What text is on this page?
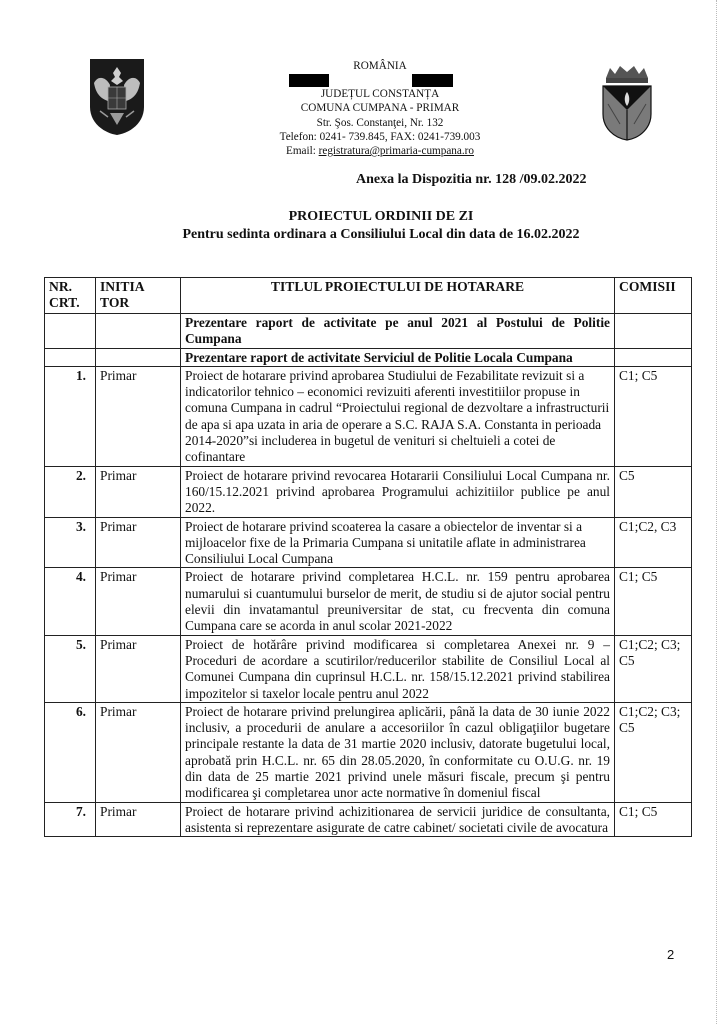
ROMÂNIA
JUDEȚUL CONSTANȚA
COMUNA CUMPANA - PRIMAR
Str. Şos. Constanţei, Nr. 132
Telefon: 0241- 739.845, FAX: 0241-739.003
Email: registratura@primaria-cumpana.ro
Anexa la Dispozitia nr. 128 /09.02.2022
PROIECTUL ORDINII DE ZI
Pentru sedinta ordinara a Consiliului Local din data de 16.02.2022
NR. CRT.	INITIA TOR	TITLUL PROIECTULUI DE HOTARARE	COMISII
		Prezentare raport de activitate pe anul 2021 al Postului de Politie Cumpana	
		Prezentare raport de activitate Serviciul de Politie Locala Cumpana	
1.	Primar	Proiect de hotarare privind aprobarea Studiului de Fezabilitate revizuit si a indicatorilor tehnico – economici revizuiti aferenti investitiilor propuse in comuna Cumpana in cadrul “Proiectului regional de dezvoltare a infrastructurii de apa si apa uzata in aria de operare a S.C. RAJA S.A. Constanta in perioada 2014-2020”si includerea in bugetul de venituri si cheltuieli a cotei de cofinantare	C1; C5
2.	Primar	Proiect de hotarare privind revocarea Hotararii Consiliului Local Cumpana nr. 160/15.12.2021 privind aprobarea Programului achizitiilor publice pe anul 2022.	C5
3.	Primar	Proiect de hotarare privind scoaterea la casare a obiectelor de inventar si a mijloacelor fixe de la Primaria Cumpana si unitatile aflate in administrarea Consiliului Local Cumpana	C1;C2, C3
4.	Primar	Proiect de hotarare privind completarea H.C.L. nr. 159 pentru aprobarea numarului si cuantumului burselor de merit, de studiu si de ajutor social pentru elevii din invatamantul preuniversitar de stat, cu frecventa din comuna Cumpana care se acorda in anul scolar 2021-2022	C1; C5
5.	Primar	Proiect de hotărâre privind modificarea si completarea Anexei nr. 9 – Proceduri de acordare a scutirilor/reducerilor stabilite de Consiliul Local al Comunei Cumpana din cuprinsul H.C.L. nr. 158/15.12.2021 privind stabilirea impozitelor si taxelor locale pentru anul 2022	C1;C2; C3; C5
6.	Primar	Proiect de hotarare privind prelungirea aplicării, până la data de 30 iunie 2022 inclusiv, a procedurii de anulare a accesoriilor în cazul obligaţiilor bugetare principale restante la data de 31 martie 2020 inclusiv, datorate bugetului local, aprobată prin H.C.L. nr. 65 din 28.05.2020, în conformitate cu O.U.G. nr. 19 din data de 25 martie 2021 privind unele măsuri fiscale, precum şi pentru modificarea şi completarea unor acte normative în domeniul fiscal	C1;C2; C3; C5
7.	Primar	Proiect de hotarare privind achizitionarea de servicii juridice de consultanta, asistenta si reprezentare asigurate de catre cabinet/ societati civile de avocatura	C1; C5
2
